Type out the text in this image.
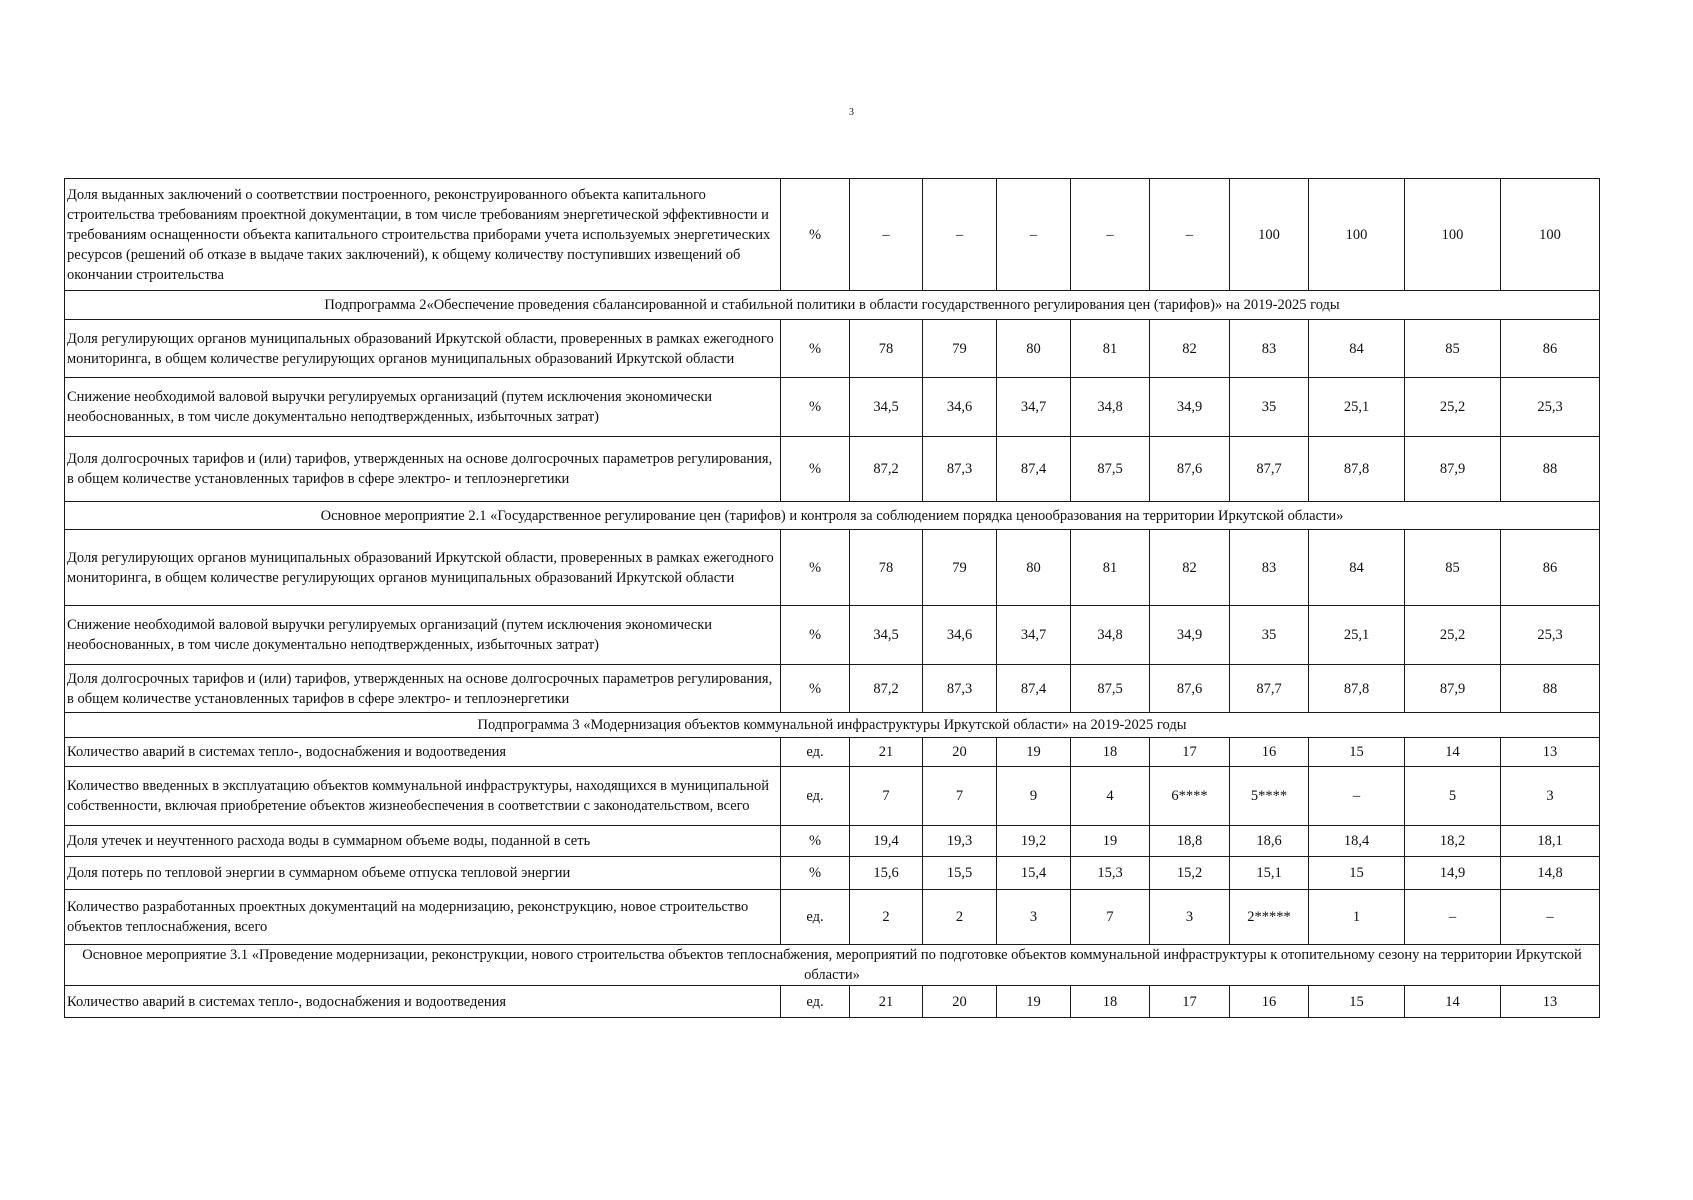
3
Доля выданных заключений о соответствии построенного, реконструированного объекта капитального строительства требованиям проектной документации, в том числе требованиям энергетической эффективности и требованиям оснащенности объекта капитального строительства приборами учета используемых энергетических ресурсов (решений об отказе в выдаче таких заключений), к общему количеству поступивших извещений об окончании строительства	%	–	–	–	–	–	100	100	100	100
Подпрограмма 2«Обеспечение проведения сбалансированной и стабильной политики в области государственного регулирования цен (тарифов)» на 2019-2025 годы										
Доля регулирующих органов муниципальных образований Иркутской области, проверенных в рамках ежегодного мониторинга, в общем количестве регулирующих органов муниципальных образований Иркутской области	%	78	79	80	81	82	83	84	85	86
Снижение необходимой валовой выручки регулируемых организаций (путем исключения экономически необоснованных, в том числе документально неподтвержденных, избыточных затрат)	%	34,5	34,6	34,7	34,8	34,9	35	25,1	25,2	25,3
Доля долгосрочных тарифов и (или) тарифов, утвержденных на основе долгосрочных параметров регулирования, в общем количестве установленных тарифов в сфере электро- и теплоэнергетики	%	87,2	87,3	87,4	87,5	87,6	87,7	87,8	87,9	88
Основное мероприятие 2.1 «Государственное регулирование цен (тарифов) и контроля за соблюдением порядка ценообразования на территории Иркутской области»										
Доля регулирующих органов муниципальных образований Иркутской области, проверенных в рамках ежегодного мониторинга, в общем количестве регулирующих органов муниципальных образований Иркутской области	%	78	79	80	81	82	83	84	85	86
Снижение необходимой валовой выручки регулируемых организаций (путем исключения экономически необоснованных, в том числе документально неподтвержденных, избыточных затрат)	%	34,5	34,6	34,7	34,8	34,9	35	25,1	25,2	25,3
Доля долгосрочных тарифов и (или) тарифов, утвержденных на основе долгосрочных параметров регулирования, в общем количестве установленных тарифов в сфере электро- и теплоэнергетики	%	87,2	87,3	87,4	87,5	87,6	87,7	87,8	87,9	88
Подпрограмма 3 «Модернизация объектов коммунальной инфраструктуры Иркутской области» на 2019-2025 годы										
Количество аварий в системах тепло-, водоснабжения и водоотведения	ед.	21	20	19	18	17	16	15	14	13
Количество введенных в эксплуатацию объектов коммунальной инфраструктуры, находящихся в муниципальной собственности, включая приобретение объектов жизнеобеспечения в соответствии с законодательством, всего	ед.	7	7	9	4	6****	5****	–	5	3
Доля утечек и неучтенного расхода воды в суммарном объеме воды, поданной в сеть	%	19,4	19,3	19,2	19	18,8	18,6	18,4	18,2	18,1
Доля потерь по тепловой энергии в суммарном объеме отпуска тепловой энергии	%	15,6	15,5	15,4	15,3	15,2	15,1	15	14,9	14,8
Количество разработанных проектных документаций на модернизацию, реконструкцию, новое строительство объектов теплоснабжения, всего	ед.	2	2	3	7	3	2*****	1	–	–
Основное мероприятие 3.1 «Проведение модернизации, реконструкции, нового строительства объектов теплоснабжения, мероприятий по подготовке объектов коммунальной инфраструктуры к отопительному сезону на территории Иркутской области»										
Количество аварий в системах тепло-, водоснабжения и водоотведения	ед.	21	20	19	18	17	16	15	14	13
